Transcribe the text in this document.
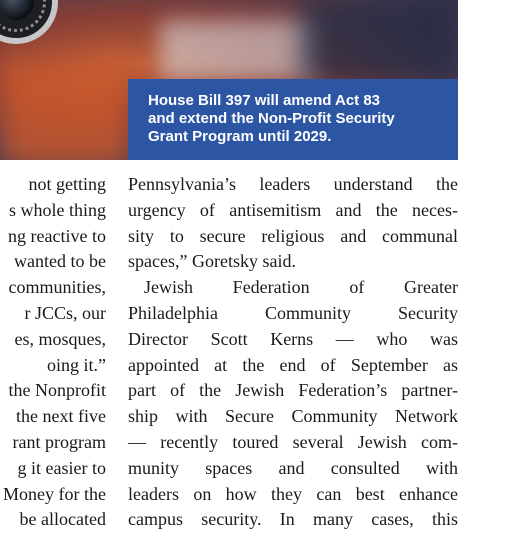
House Bill 397 will amend Act 83
and extend the Non-Profit Security
Grant Program until 2029.

not getting
s whole thing
ng reactive to
wanted to be
communities,
r JCCs, our
es, mosques,
oing it.”
the Nonprofit
the next five
rant program
g it easier to
Money for the
be allocated
Pennsylvania’s leaders understand the
urgency of antisemitism and the neces-
sity to secure religious and communal
spaces,” Goretsky said.
Jewish Federation of Greater
Philadelphia Community Security
Director Scott Kerns — who was
appointed at the end of September as
part of the Jewish Federation’s partner-
ship with Secure Community Network
— recently toured several Jewish com-
munity spaces and consulted with
leaders on how they can best enhance
campus security. In many cases, this
